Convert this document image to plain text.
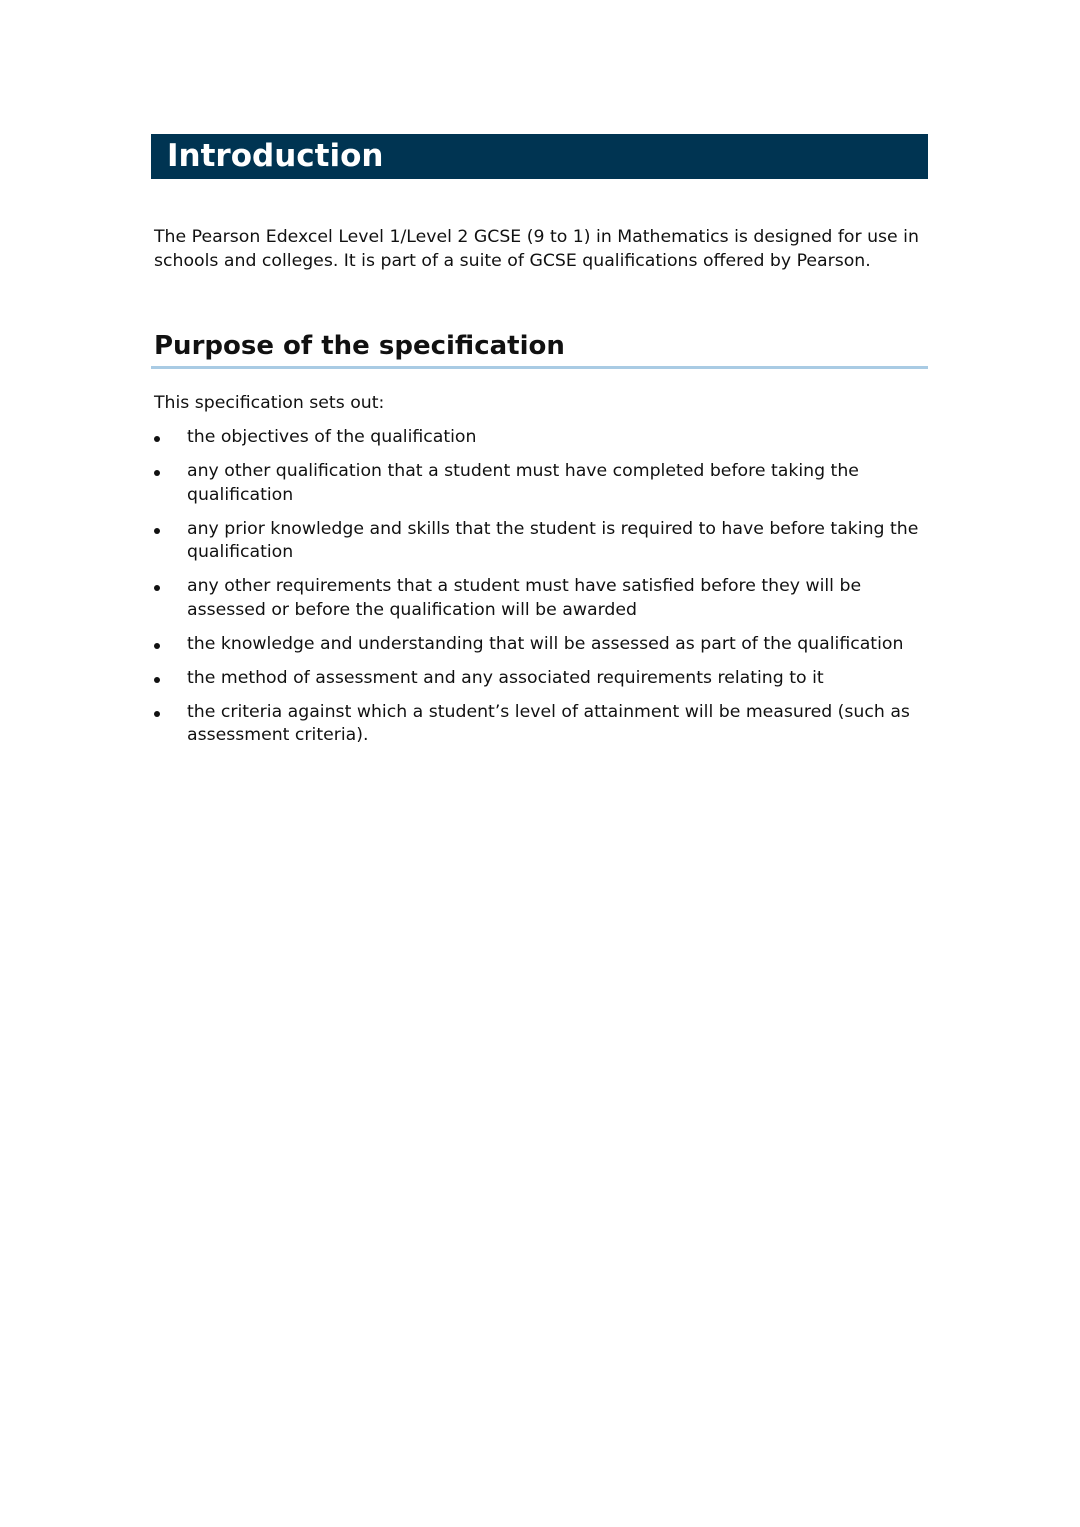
Introduction

The Pearson Edexcel Level 1/Level 2 GCSE (9 to 1) in Mathematics is designed for use in schools and colleges. It is part of a suite of GCSE qualifications offered by Pearson.

Purpose of the specification

This specification sets out:

the objectives of the qualification
any other qualification that a student must have completed before taking the qualification
any prior knowledge and skills that the student is required to have before taking the qualification
any other requirements that a student must have satisfied before they will be assessed or before the qualification will be awarded
the knowledge and understanding that will be assessed as part of the qualification
the method of assessment and any associated requirements relating to it
the criteria against which a student’s level of attainment will be measured (such as assessment criteria).
